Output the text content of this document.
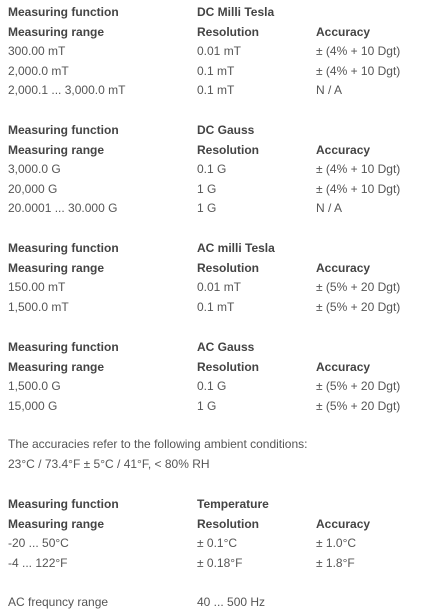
Measuring function	DC Milli Tesla
Measuring range	Resolution	Accuracy
300.00 mT	0.01 mT	± (4% + 10 Dgt)
2,000.0 mT	0.1 mT	± (4% + 10 Dgt)
2,000.1 ... 3,000.0 mT	0.1 mT	N / A
Measuring function	DC Gauss
Measuring range	Resolution	Accuracy
3,000.0 G	0.1 G	± (4% + 10 Dgt)
20,000 G	1 G	± (4% + 10 Dgt)
20.0001 ... 30.000 G	1 G	N / A
Measuring function	AC milli Tesla
Measuring range	Resolution	Accuracy
150.00 mT	0.01 mT	± (5% + 20 Dgt)
1,500.0 mT	0.1 mT	± (5% + 20 Dgt)
Measuring function	AC Gauss
Measuring range	Resolution	Accuracy
1,500.0 G	0.1 G	± (5% + 20 Dgt)
15,000 G	1 G	± (5% + 20 Dgt)
The accuracies refer to the following ambient conditions:
23°C / 73.4°F ± 5°C / 41°F, < 80% RH
Measuring function	Temperature
Measuring range	Resolution	Accuracy
-20 ... 50°C	± 0.1°C	± 1.0°C
-4 ... 122°F	± 0.18°F	± 1.8°F
AC frequncy range	40 ... 500 Hz
